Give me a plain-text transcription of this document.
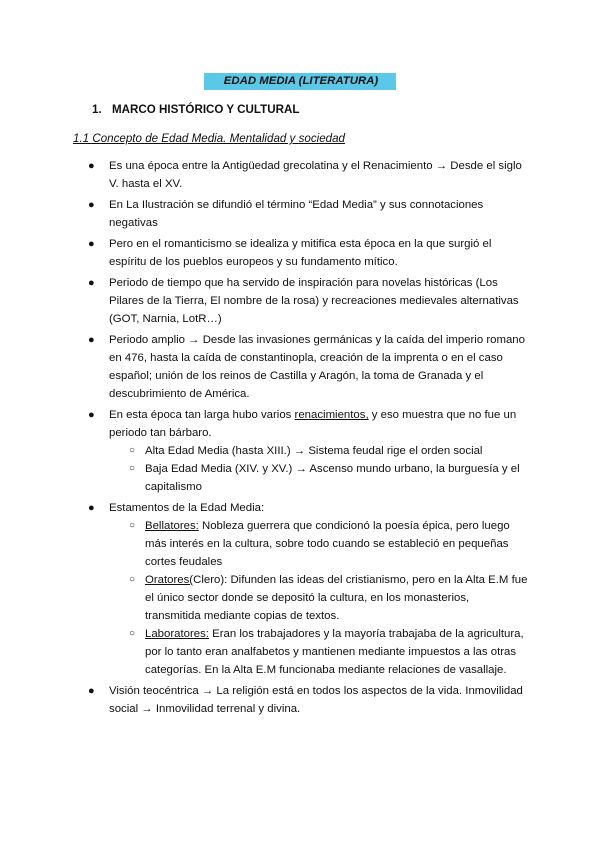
EDAD MEDIA (LITERATURA)
1. MARCO HISTÓRICO Y CULTURAL
1.1 Concepto de Edad Media. Mentalidad y sociedad
● Es una época entre la Antigüedad grecolatina y el Renacimiento → Desde el siglo V. hasta el XV.
● En La Ilustración se difundió el término “Edad Media” y sus connotaciones negativas
● Pero en el romanticismo se idealiza y mitifica esta época en la que surgió el espíritu de los pueblos europeos y su fundamento mítico.
● Periodo de tiempo que ha servido de inspiración para novelas históricas (Los Pilares de la Tierra, El nombre de la rosa) y recreaciones medievales alternativas (GOT, Narnia, LotR…)
● Periodo amplio → Desde las invasiones germánicas y la caída del imperio romano en 476, hasta la caída de constantinopla, creación de la imprenta o en el caso español; unión de los reinos de Castilla y Aragón, la toma de Granada y el descubrimiento de América.
● En esta época tan larga hubo varios renacimientos, y eso muestra que no fue un periodo tan bárbaro.
○ Alta Edad Media (hasta XIII.) → Sistema feudal rige el orden social
○ Baja Edad Media (XIV. y XV.) → Ascenso mundo urbano, la burguesía y el capitalismo
● Estamentos de la Edad Media:
○ Bellatores: Nobleza guerrera que condicionó la poesía épica, pero luego más interés en la cultura, sobre todo cuando se estableció en pequeñas cortes feudales
○ Oratores(Clero): Difunden las ideas del cristianismo, pero en la Alta E.M fue el único sector donde se depositó la cultura, en los monasterios, transmitida mediante copias de textos.
○ Laboratores: Eran los trabajadores y la mayoría trabajaba de la agricultura, por lo tanto eran analfabetos y mantienen mediante impuestos a las otras categorías. En la Alta E.M funcionaba mediante relaciones de vasallaje.
● Visión teocéntrica → La religión está en todos los aspectos de la vida. Inmovilidad social → Inmovilidad terrenal y divina.
